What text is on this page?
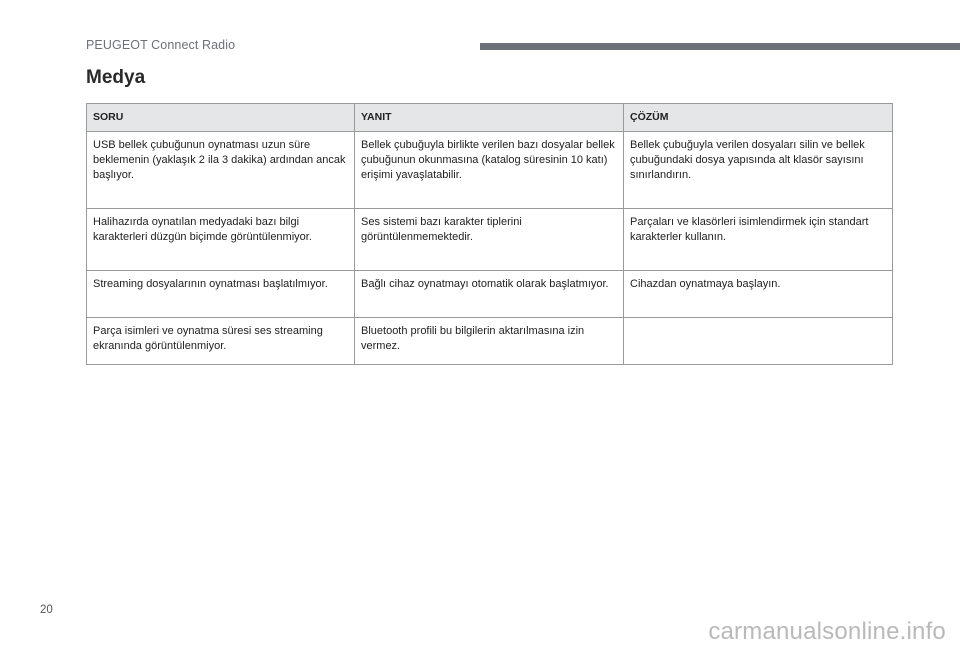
PEUGEOT Connect Radio
Medya
SORU	YANIT	ÇÖZÜM
USB bellek çubuğunun oynatması uzun süre beklemenin (yaklaşık 2 ila 3 dakika) ardından ancak başlıyor.	Bellek çubuğuyla birlikte verilen bazı dosyalar bellek çubuğunun okunmasına (katalog süresinin 10 katı) erişimi yavaşlatabilir.	Bellek çubuğuyla verilen dosyaları silin ve bellek çubuğundaki dosya yapısında alt klasör sayısını sınırlandırın.
Halihazırda oynatılan medyadaki bazı bilgi karakterleri düzgün biçimde görüntülenmiyor.	Ses sistemi bazı karakter tiplerini görüntülenmemektedir.	Parçaları ve klasörleri isimlendirmek için standart karakterler kullanın.
Streaming dosyalarının oynatması başlatılmıyor.	Bağlı cihaz oynatmayı otomatik olarak başlatmıyor.	Cihazdan oynatmaya başlayın.
Parça isimleri ve oynatma süresi ses streaming ekranında görüntülenmiyor.	Bluetooth profili bu bilgilerin aktarılmasına izin vermez.	
20
carmanualsonline.info
